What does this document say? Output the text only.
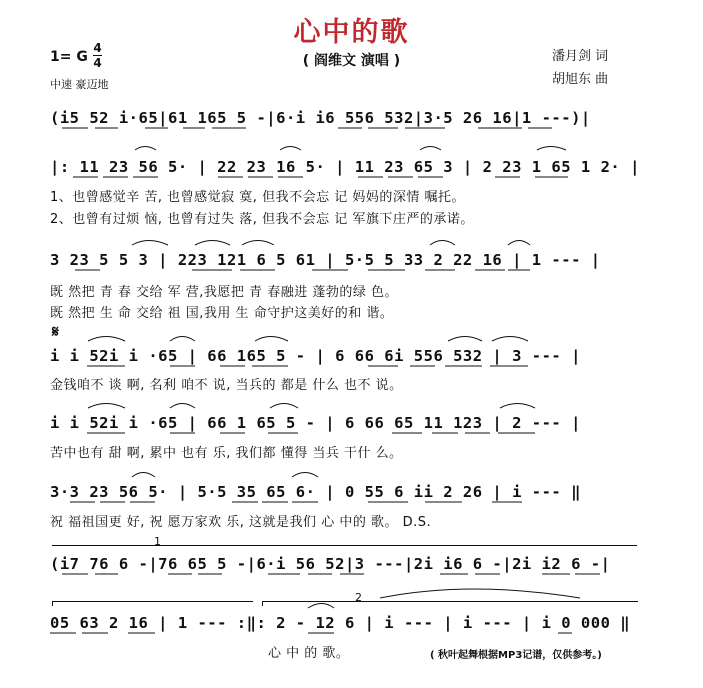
心中的歌
( 阎维文 演唱 )
1= G
4
4
中速 豪迈地
潘月剑 词
胡旭东 曲
(i5 52 i·65|61 165 5 -|6·i i6 556 532|3·5 26 16|1 ---)|
|: 11 23 56 5· | 22 23 16 5· | 11 23 65 3 | 2 23 1 65 1 2· |
1、也曾感觉辛 苦, 也曾感觉寂 寞, 但我不会忘 记 妈妈的深情 嘱托。
2、也曾有过烦 恼, 也曾有过失 落, 但我不会忘 记 军旗下庄严的承诺。
3 23 5 5 3 | 223 121 6 5 61 | 5·5 5 33 2 22 16 | 1 --- |
既 然把 青 春 交给 军 营,我愿把 青 春融进 蓬勃的绿 色。
既 然把 生 命 交给 祖 国,我用 生 命守护这美好的和 谐。
𝄋
i i 52i i ·65 | 66 165 5 - | 6 66 6i 556 532 | 3 --- |
金钱咱不 谈 啊, 名利 咱不 说, 当兵的 都是 什么 也不 说。
i i 52i i ·65 | 66 1 65 5 - | 6 66 65 11 123 | 2 --- |
苦中也有 甜 啊, 累中 也有 乐, 我们都 懂得 当兵 干什 么。
3·3 23 56 5· | 5·5 35 65 6· | 0 55 6 ii 2 26 | i --- ‖
祝 福祖国更 好, 祝 愿万家欢 乐, 这就是我们 心 中的 歌。 D.S.
1
(i7 76 6 -|76 65 5 -|6·i 56 52|3 ---|2i i6 6 -|2i i2 6 -|
2
05 63 2 16 | 1 --- :‖: 2 - 12 6 | i --- | i --- | i 0 000 ‖
心 中 的 歌。	( 秋叶起舞根据MP3记谱，仅供参考。)
